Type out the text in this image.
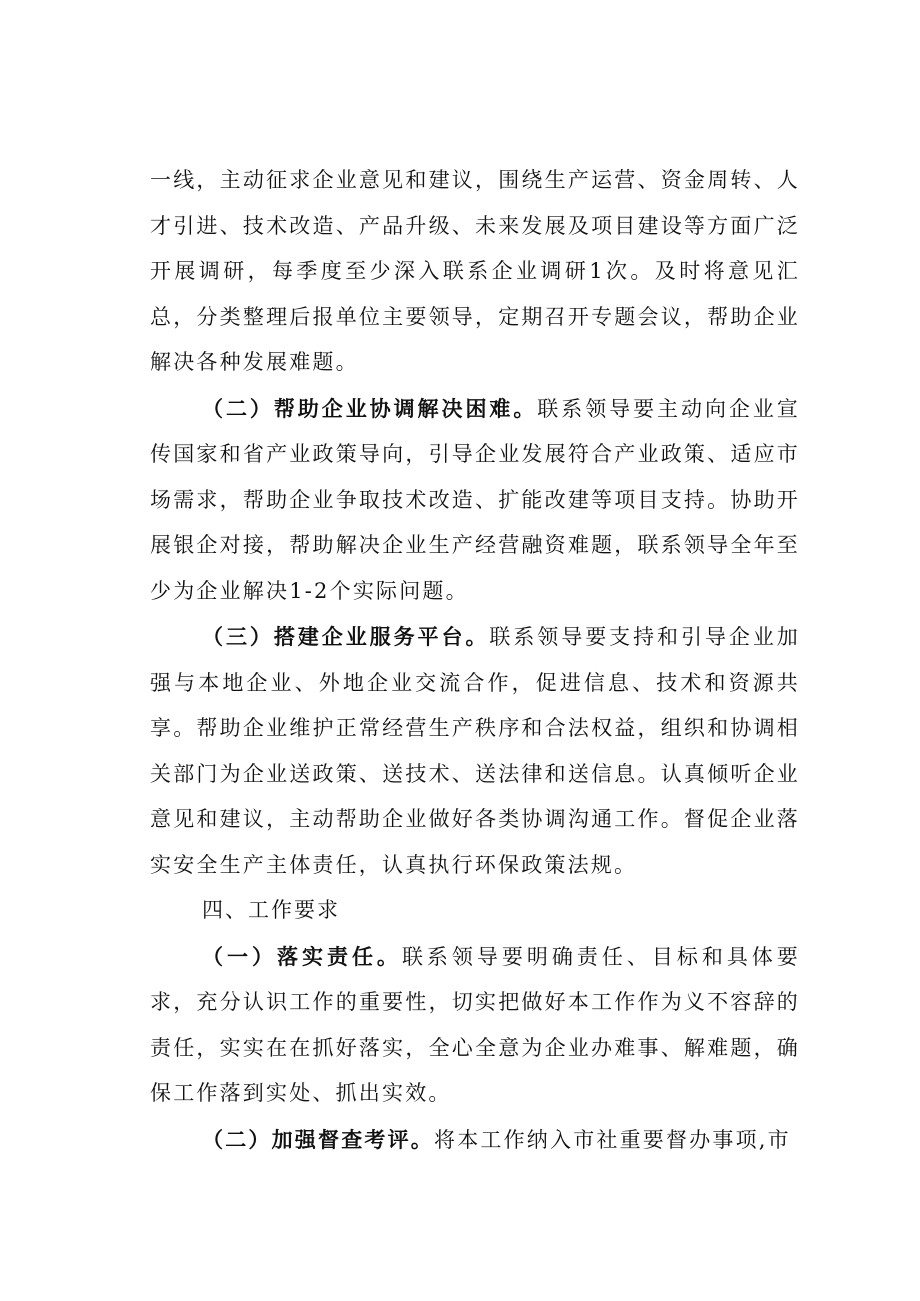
一线，主动征求企业意见和建议，围绕生产运营、资金周转、人才引进、技术改造、产品升级、未来发展及项目建设等方面广泛开展调研，每季度至少深入联系企业调研1次。及时将意见汇总，分类整理后报单位主要领导，定期召开专题会议，帮助企业解决各种发展难题。

（二）帮助企业协调解决困难。联系领导要主动向企业宣传国家和省产业政策导向，引导企业发展符合产业政策、适应市场需求，帮助企业争取技术改造、扩能改建等项目支持。协助开展银企对接，帮助解决企业生产经营融资难题，联系领导全年至少为企业解决1-2个实际问题。

（三）搭建企业服务平台。联系领导要支持和引导企业加强与本地企业、外地企业交流合作，促进信息、技术和资源共享。帮助企业维护正常经营生产秩序和合法权益，组织和协调相关部门为企业送政策、送技术、送法律和送信息。认真倾听企业意见和建议，主动帮助企业做好各类协调沟通工作。督促企业落实安全生产主体责任，认真执行环保政策法规。

四、工作要求

（一）落实责任。联系领导要明确责任、目标和具体要求，充分认识工作的重要性，切实把做好本工作作为义不容辞的责任，实实在在抓好落实，全心全意为企业办难事、解难题，确保工作落到实处、抓出实效。

（二）加强督查考评。将本工作纳入市社重要督办事项,市
